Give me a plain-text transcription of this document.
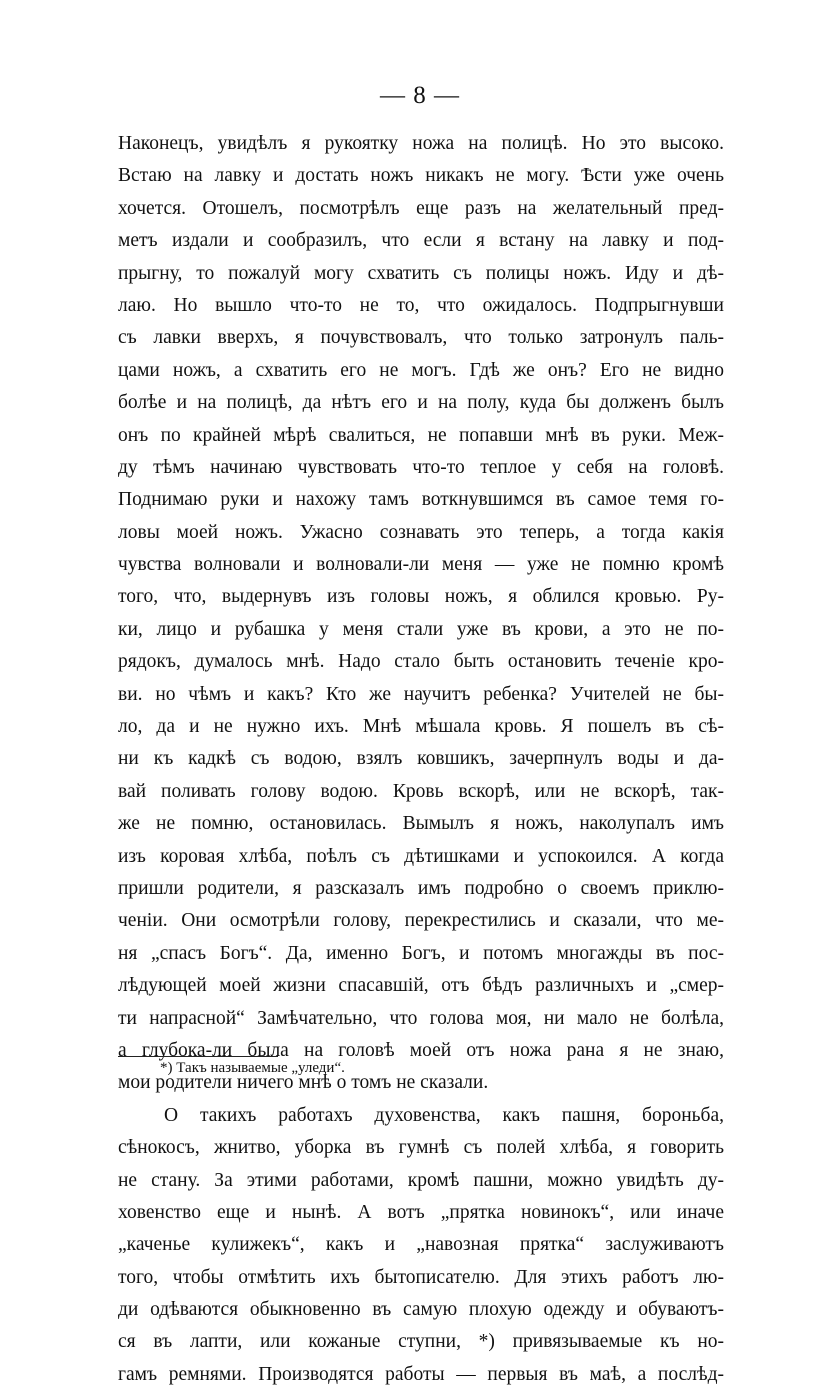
— 8 —
Наконецъ, увидѣлъ я рукоятку ножа на полицѣ. Но это высоко.
Встаю на лавку и достать ножъ никакъ не могу. Ѣсти уже очень
хочется. Отошелъ, посмотрѣлъ еще разъ на желательный пред-
метъ издали и сообразилъ, что если я встану на лавку и под-
прыгну, то пожалуй могу схватить съ полицы ножъ. Иду и дѣ-
лаю. Но вышло что-то не то, что ожидалось. Подпрыгнувши
съ лавки вверхъ, я почувствовалъ, что только затронулъ паль-
цами ножъ, а схватить его не могъ. Гдѣ же онъ? Его не видно
болѣе и на полицѣ, да нѣтъ его и на полу, куда бы долженъ былъ
онъ по крайней мѣрѣ свалиться, не попавши мнѣ въ руки. Меж-
ду тѣмъ начинаю чувствовать что-то теплое у себя на головѣ.
Поднимаю руки и нахожу тамъ воткнувшимся въ самое темя го-
ловы моей ножъ. Ужасно сознавать это теперь, а тогда какія
чувства волновали и волновали-ли меня — уже не помню кромѣ
того, что, выдернувъ изъ головы ножъ, я облился кровью. Ру-
ки, лицо и рубашка у меня стали уже въ крови, а это не по-
рядокъ, думалось мнѣ. Надо стало быть остановить теченіе кро-
ви. но чѣмъ и какъ? Кто же научитъ ребенка? Учителей не бы-
ло, да и не нужно ихъ. Мнѣ мѣшала кровь. Я пошелъ въ сѣ-
ни къ кадкѣ съ водою, взялъ ковшикъ, зачерпнулъ воды и да-
вай поливать голову водою. Кровь вскорѣ, или не вскорѣ, так-
же не помню, остановилась. Вымылъ я ножъ, наколупалъ имъ
изъ коровая хлѣба, поѣлъ съ дѣтишками и успокоился. А когда
пришли родители, я разсказалъ имъ подробно о своемъ приклю-
ченіи. Они осмотрѣли голову, перекрестились и сказали, что ме-
ня „спасъ Богъ“. Да, именно Богъ, и потомъ многажды въ пос-
лѣдующей моей жизни спасавшій, отъ бѣдъ различныхъ и „смер-
ти напрасной“ Замѣчательно, что голова моя, ни мало не болѣла,
а глубока-ли была на головѣ моей отъ ножа рана я не знаю,
мои родители ничего мнѣ о томъ не сказали.
О такихъ работахъ духовенства, какъ пашня, бороньба,
сѣнокосъ, жнитво, уборка въ гумнѣ съ полей хлѣба, я говорить
не стану. За этими работами, кромѣ пашни, можно увидѣть ду-
ховенство еще и нынѣ. А вотъ „прятка новинокъ“, или иначе
„каченье кулижекъ“, какъ и „навозная прятка“ заслуживаютъ
того, чтобы отмѣтить ихъ бытописателю. Для этихъ работъ лю-
ди одѣваются обыкновенно въ самую плохую одежду и обуваютъ-
ся въ лапти, или кожаные ступни, *) привязываемые къ но-
гамъ ремнями. Производятся работы — первыя въ маѣ, а послѣд-
*) Такъ называемые „уледи“.
